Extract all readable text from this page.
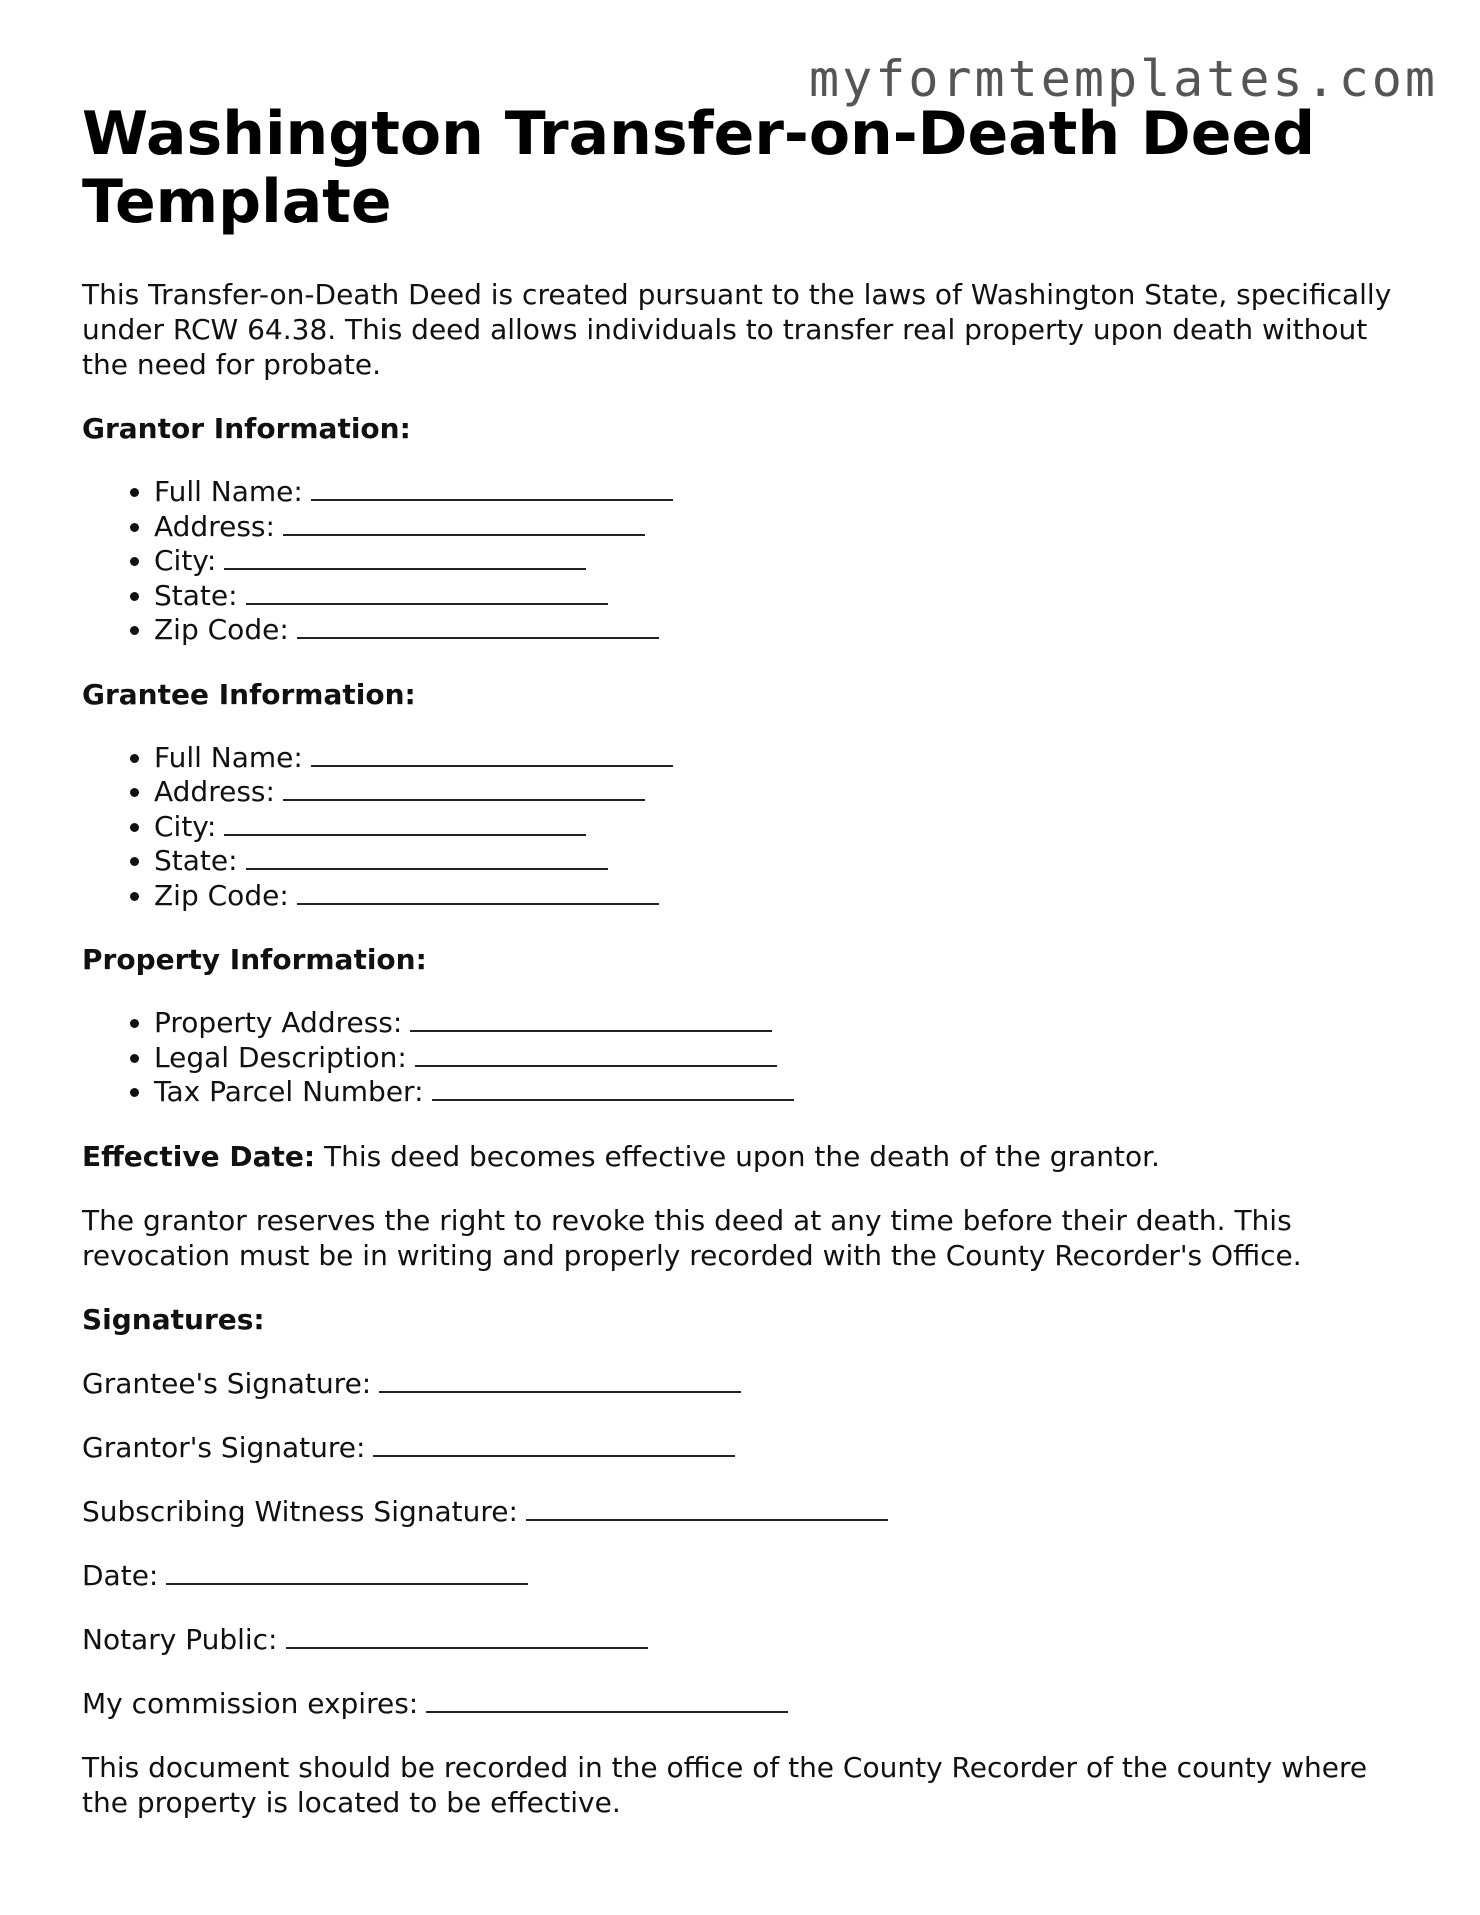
myformtemplates.com
Washington Transfer-on-Death Deed Template

This Transfer-on-Death Deed is created pursuant to the laws of Washington State, specifically under RCW 64.38. This deed allows individuals to transfer real property upon death without the need for probate.

Grantor Information:
• Full Name:
• Address:
• City:
• State:
• Zip Code:
Grantee Information:
• Full Name:
• Address:
• City:
• State:
• Zip Code:
Property Information:
• Property Address:
• Legal Description:
• Tax Parcel Number:

Effective Date: This deed becomes effective upon the death of the grantor.

The grantor reserves the right to revoke this deed at any time before their death. This revocation must be in writing and properly recorded with the County Recorder's Office.

Signatures:

Grantee's Signature:

Grantor's Signature:

Subscribing Witness Signature:

Date:

Notary Public:

My commission expires:

This document should be recorded in the office of the County Recorder of the county where the property is located to be effective.
